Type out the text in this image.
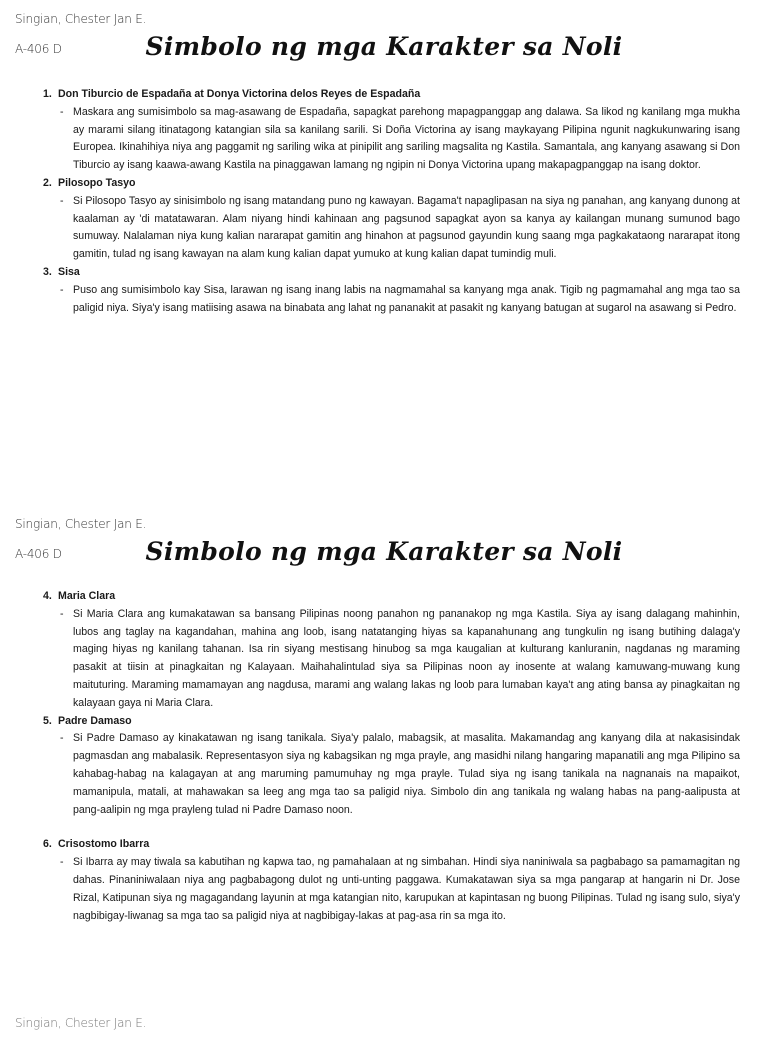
Singian, Chester Jan E.
A-406 D	Simbolo ng mga Karakter sa Noli
1. Don Tiburcio de Espadaña at Donya Victorina delos Reyes de Espadaña
- Maskara ang sumisimbolo sa mag-asawang de Espadaña, sapagkat parehong mapagpanggap ang dalawa. Sa likod ng kanilang mga mukha ay marami silang itinatagong katangian sila sa kanilang sarili. Si Doña Victorina ay isang maykayang Pilipina ngunit nagkukunwaring isang Europea. Ikinahihiya niya ang paggamit ng sariling wika at pinipilit ang sariling magsalita ng Kastila. Samantala, ang kanyang asawang si Don Tiburcio ay isang kaawa-awang Kastila na pinaggawan lamang ng ngipin ni Donya Victorina upang makapagpanggap na isang doktor.
2. Pilosopo Tasyo
- Si Pilosopo Tasyo ay sinisimbolo ng isang matandang puno ng kawayan. Bagama't napaglipasan na siya ng panahan, ang kanyang dunong at kaalaman ay 'di matatawaran. Alam niyang hindi kahinaan ang pagsunod sapagkat ayon sa kanya ay kailangan munang sumunod bago sumuway. Nalalaman niya kung kalian nararapat gamitin ang hinahon at pagsunod gayundin kung saang mga pagkakataong nararapat itong gamitin, tulad ng isang kawayan na alam kung kalian dapat yumuko at kung kalian dapat tumindig muli.
3. Sisa
- Puso ang sumisimbolo kay Sisa, larawan ng isang inang labis na nagmamahal sa kanyang mga anak. Tigib ng pagmamahal ang mga tao sa paligid niya. Siya'y isang matiising asawa na binabata ang lahat ng pananakit at pasakit ng kanyang batugan at sugarol na asawang si Pedro.
Singian, Chester Jan E.
A-406 D	Simbolo ng mga Karakter sa Noli
4. Maria Clara
- Si Maria Clara ang kumakatawan sa bansang Pilipinas noong panahon ng pananakop ng mga Kastila. Siya ay isang dalagang mahinhin, lubos ang taglay na kagandahan, mahina ang loob, isang natatanging hiyas sa kapanahunang ang tungkulin ng isang butihing dalaga'y maging hiyas ng kanilang tahanan. Isa rin siyang mestisang hinubog sa mga kaugalian at kulturang kanluranin, nagdanas ng maraming pasakit at tiisin at pinagkaitan ng Kalayaan. Maihahalintulad siya sa Pilipinas noon ay inosente at walang kamuwang-muwang kung maituturing. Maraming mamamayan ang nagdusa, marami ang walang lakas ng loob para lumaban kaya't ang ating bansa ay pinagkaitan ng kalayaan gaya ni Maria Clara.
5. Padre Damaso
- Si Padre Damaso ay kinakatawan ng isang tanikala. Siya'y palalo, mabagsik, at masalita. Makamandag ang kanyang dila at nakasisindak pagmasdan ang mabalasik. Representasyon siya ng kabagsikan ng mga prayle, ang masidhi nilang hangaring mapanatili ang mga Pilipino sa kahabag-habag na kalagayan at ang maruming pamumuhay ng mga prayle. Tulad siya ng isang tanikala na nagnanais na mapaikot, mamanipula, matali, at mahawakan sa leeg ang mga tao sa paligid niya. Simbolo din ang tanikala ng walang habas na pang-aalipusta at pang-aalipin ng mga prayleng tulad ni Padre Damaso noon.
6. Crisostomo Ibarra
- Si Ibarra ay may tiwala sa kabutihan ng kapwa tao, ng pamahalaan at ng simbahan. Hindi siya naniniwala sa pagbabago sa pamamagitan ng dahas. Pinaniniwalaan niya ang pagbabagong dulot ng unti-unting paggawa. Kumakatawan siya sa mga pangarap at hangarin ni Dr. Jose Rizal, Katipunan siya ng magagandang layunin at mga katangian nito, karupukan at kapintasan ng buong Pilipinas. Tulad ng isang sulo, siya'y nagbibigay-liwanag sa mga tao sa paligid niya at nagbibigay-lakas at pag-asa rin sa mga ito.
Singian, Chester Jan E.
